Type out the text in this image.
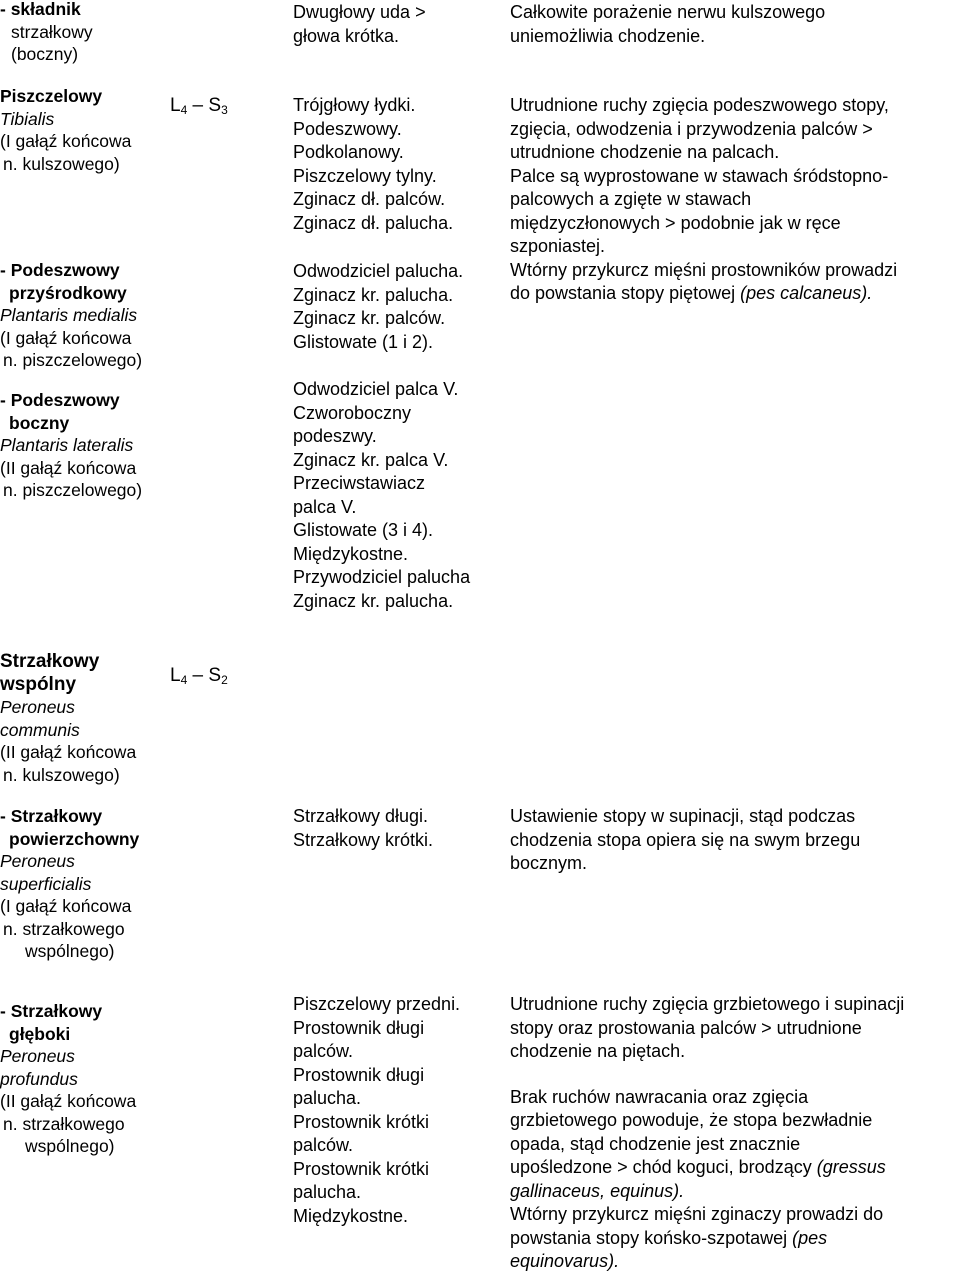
- składnik
strzałkowy
(boczny)
Dwugłowy uda >
głowa krótka.
Całkowite porażenie nerwu kulszowego
uniemożliwia chodzenie.
Piszczelowy
Tibialis
(I gałąź końcowa
n. kulszowego)
$L_4 - S_3$	Trójgłowy łydki.
Podeszwowy.
Podkolanowy.
Piszczelowy tylny.
Zginacz dł. palców.
Zginacz dł. palucha.
Utrudnione ruchy zgięcia podeszwowego stopy,
zgięcia, odwodzenia i przywodzenia palców >
utrudnione chodzenie na palcach.
Palce są wyprostowane w stawach śródstopno-
palcowych a zgięte w stawach
międzyczłonowych > podobnie jak w ręce
szponiastej.
Wtórny przykurcz mięśni prostowników prowadzi
do powstania stopy piętowej (pes calcaneus).
- Podeszwowy
przyśrodkowy
Plantaris medialis
(I gałąź końcowa
n. piszczelowego)
Odwodziciel palucha.
Zginacz kr. palucha.
Zginacz kr. palców.
Glistowate (1 i 2).
- Podeszwowy
boczny
Plantaris lateralis
(II gałąź końcowa
n. piszczelowego)
Odwodziciel palca V.
Czworoboczny
podeszwy.
Zginacz kr. palca V.
Przeciwstawiacz
palca V.
Glistowate (3 i 4).
Międzykostne.
Przywodziciel palucha
Zginacz kr. palucha.
Strzałkowy
wspólny
Peroneus
communis
(II gałąź końcowa
n. kulszowego)
$L_4 - S_2$
- Strzałkowy
powierzchowny
Peroneus
superficialis
(I gałąź końcowa
n. strzałkowego
wspólnego)
Strzałkowy długi.
Strzałkowy krótki.
Ustawienie stopy w supinacji, stąd podczas
chodzenia stopa opiera się na swym brzegu
bocznym.
- Strzałkowy
głęboki
Peroneus
profundus
(II gałąź końcowa
n. strzałkowego
wspólnego)
Piszczelowy przedni.
Prostownik długi
palców.
Prostownik długi
palucha.
Prostownik krótki
palców.
Prostownik krótki
palucha.
Międzykostne.
Utrudnione ruchy zgięcia grzbietowego i supinacji
stopy oraz prostowania palców > utrudnione
chodzenie na piętach.
Brak ruchów nawracania oraz zgięcia
grzbietowego powoduje, że stopa bezwładnie
opada, stąd chodzenie jest znacznie
upośledzone > chód koguci, brodzący (gressus
gallinaceus, equinus).
Wtórny przykurcz mięśni zginaczy prowadzi do
powstania stopy końsko-szpotawej (pes
equinovarus).
